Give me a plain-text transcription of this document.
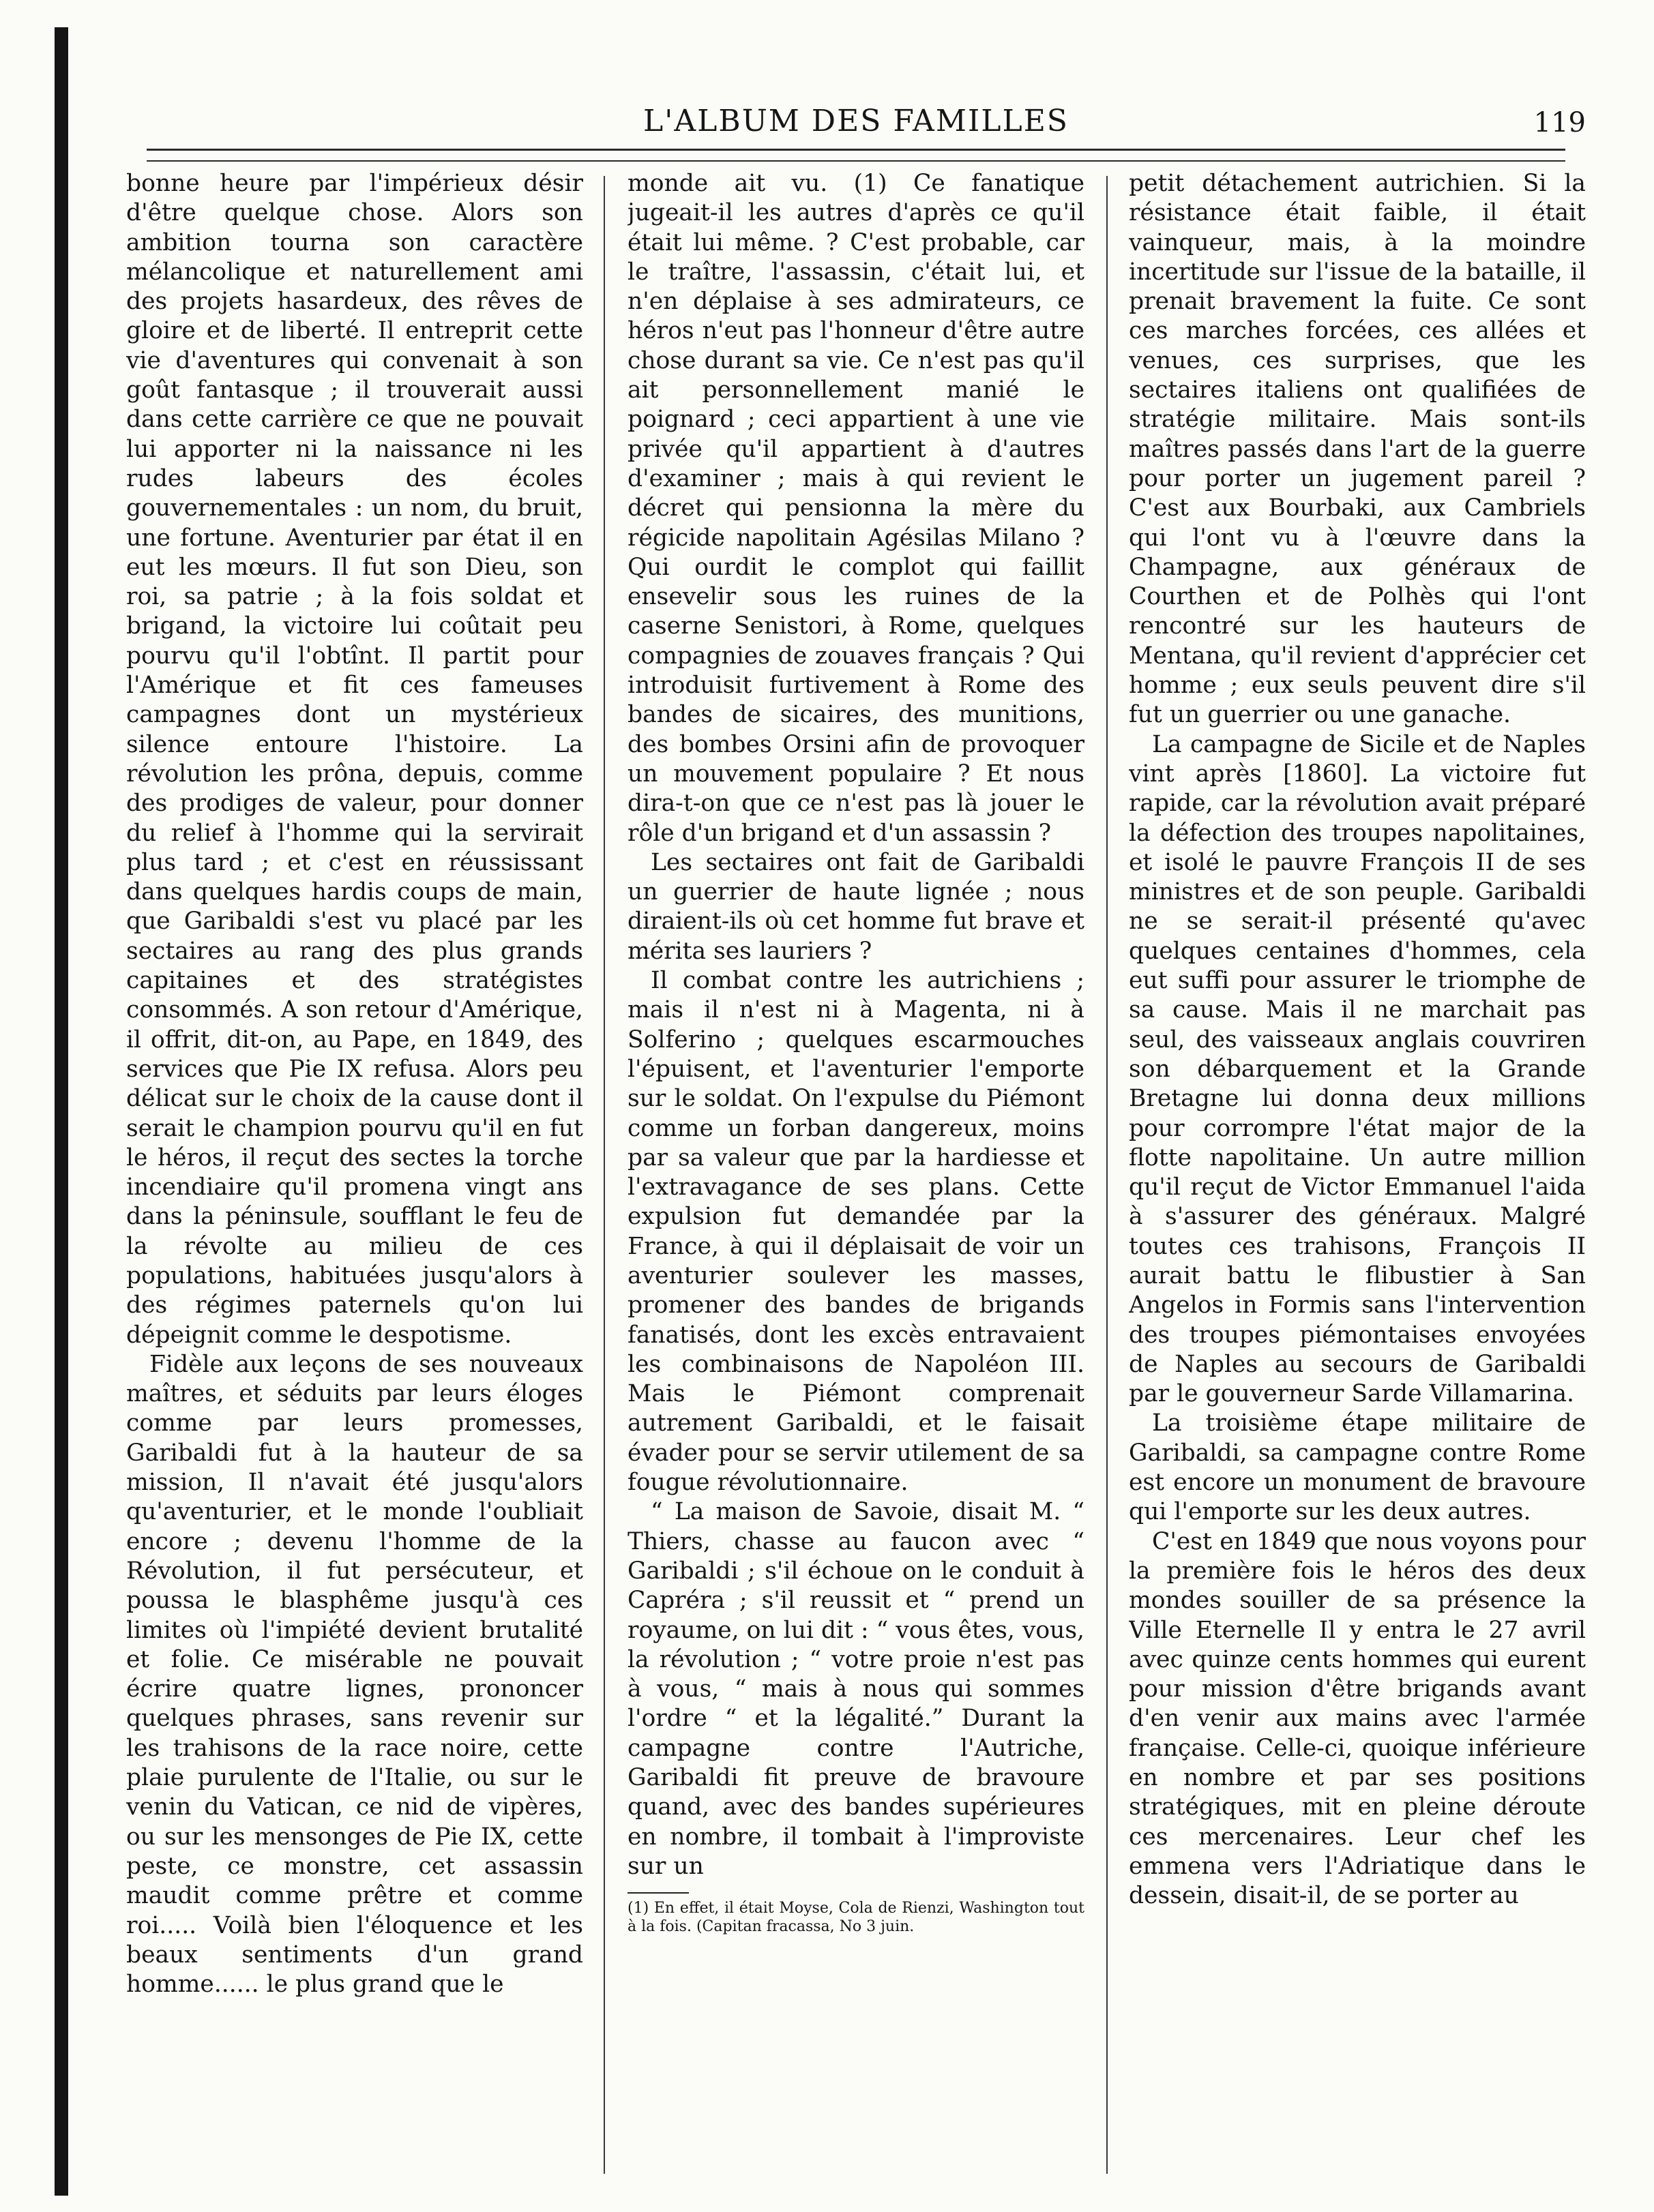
L'ALBUM DES FAMILLES	119

bonne heure par l'impérieux désir d'être quelque chose. Alors son ambition tourna son caractère mélancolique et naturellement ami des projets hasardeux, des rêves de gloire et de liberté. Il entreprit cette vie d'aventures qui convenait à son goût fantasque ; il trouverait aussi dans cette carrière ce que ne pouvait lui apporter ni la naissance ni les rudes labeurs des écoles gouvernementales : un nom, du bruit, une fortune. Aventurier par état il en eut les mœurs. Il fut son Dieu, son roi, sa patrie ; à la fois soldat et brigand, la victoire lui coûtait peu pourvu qu'il l'obtînt. Il partit pour l'Amérique et fit ces fameuses campagnes dont un mystérieux silence entoure l'histoire. La révolution les prôna, depuis, comme des prodiges de valeur, pour donner du relief à l'homme qui la servirait plus tard ; et c'est en réussissant dans quelques hardis coups de main, que Garibaldi s'est vu placé par les sectaires au rang des plus grands capitaines et des stratégistes consommés. A son retour d'Amérique, il offrit, dit-on, au Pape, en 1849, des services que Pie IX refusa. Alors peu délicat sur le choix de la cause dont il serait le champion pourvu qu'il en fut le héros, il reçut des sectes la torche incendiaire qu'il promena vingt ans dans la péninsule, soufflant le feu de la révolte au milieu de ces populations, habituées jusqu'alors à des régimes paternels qu'on lui dépeignit comme le despotisme.

Fidèle aux leçons de ses nouveaux maîtres, et séduits par leurs éloges comme par leurs promesses, Garibaldi fut à la hauteur de sa mission, Il n'avait été jusqu'alors qu'aventurier, et le monde l'oubliait encore ; devenu l'homme de la Révolution, il fut persécuteur, et poussa le blasphême jusqu'à ces limites où l'impiété devient brutalité et folie. Ce misérable ne pouvait écrire quatre lignes, prononcer quelques phrases, sans revenir sur les trahisons de la race noire, cette plaie purulente de l'Italie, ou sur le venin du Vatican, ce nid de vipères, ou sur les mensonges de Pie IX, cette peste, ce monstre, cet assassin maudit comme prêtre et comme roi..... Voilà bien l'éloquence et les beaux sentiments d'un grand homme...... le plus grand que le

monde ait vu. (1) Ce fanatique jugeait-il les autres d'après ce qu'il était lui même. ? C'est probable, car le traître, l'assassin, c'était lui, et n'en déplaise à ses admirateurs, ce héros n'eut pas l'honneur d'être autre chose durant sa vie. Ce n'est pas qu'il ait personnellement manié le poignard ; ceci appartient à une vie privée qu'il appartient à d'autres d'examiner ; mais à qui revient le décret qui pensionna la mère du régicide napolitain Agésilas Milano ? Qui ourdit le complot qui faillit ensevelir sous les ruines de la caserne Senistori, à Rome, quelques compagnies de zouaves français ? Qui introduisit furtivement à Rome des bandes de sicaires, des munitions, des bombes Orsini afin de provoquer un mouvement populaire ? Et nous dira-t-on que ce n'est pas là jouer le rôle d'un brigand et d'un assassin ?

Les sectaires ont fait de Garibaldi un guerrier de haute lignée ; nous diraient-ils où cet homme fut brave et mérita ses lauriers ?

Il combat contre les autrichiens ; mais il n'est ni à Magenta, ni à Solferino ; quelques escarmouches l'épuisent, et l'aventurier l'emporte sur le soldat. On l'expulse du Piémont comme un forban dangereux, moins par sa valeur que par la hardiesse et l'extravagance de ses plans. Cette expulsion fut demandée par la France, à qui il déplaisait de voir un aventurier soulever les masses, promener des bandes de brigands fanatisés, dont les excès entravaient les combinaisons de Napoléon III. Mais le Piémont comprenait autrement Garibaldi, et le faisait évader pour se servir utilement de sa fougue révolutionnaire.

“ La maison de Savoie, disait M. “ Thiers, chasse au faucon avec “ Garibaldi ; s'il échoue on le conduit à Capréra ; s'il reussit et “ prend un royaume, on lui dit : “ vous êtes, vous, la révolution ; “ votre proie n'est pas à vous, “ mais à nous qui sommes l'ordre “ et la légalité.” Durant la campagne contre l'Autriche, Garibaldi fit preuve de bravoure quand, avec des bandes supérieures en nombre, il tombait à l'improviste sur un

(1) En effet, il était Moyse, Cola de Rienzi, Washington tout à la fois. (Capitan fracassa, No 3 juin.

petit détachement autrichien. Si la résistance était faible, il était vainqueur, mais, à la moindre incertitude sur l'issue de la bataille, il prenait bravement la fuite. Ce sont ces marches forcées, ces allées et venues, ces surprises, que les sectaires italiens ont qualifiées de stratégie militaire. Mais sont-ils maîtres passés dans l'art de la guerre pour porter un jugement pareil ? C'est aux Bourbaki, aux Cambriels qui l'ont vu à l'œuvre dans la Champagne, aux généraux de Courthen et de Polhès qui l'ont rencontré sur les hauteurs de Mentana, qu'il revient d'apprécier cet homme ; eux seuls peuvent dire s'il fut un guerrier ou une ganache.

La campagne de Sicile et de Naples vint après [1860]. La victoire fut rapide, car la révolution avait préparé la défection des troupes napolitaines, et isolé le pauvre François II de ses ministres et de son peuple. Garibaldi ne se serait-il présenté qu'avec quelques centaines d'hommes, cela eut suffi pour assurer le triomphe de sa cause. Mais il ne marchait pas seul, des vaisseaux anglais couvriren son débarquement et la Grande Bretagne lui donna deux millions pour corrompre l'état major de la flotte napolitaine. Un autre million qu'il reçut de Victor Emmanuel l'aida à s'assurer des généraux. Malgré toutes ces trahisons, François II aurait battu le flibustier à San Angelos in Formis sans l'intervention des troupes piémontaises envoyées de Naples au secours de Garibaldi par le gouverneur Sarde Villamarina.

La troisième étape militaire de Garibaldi, sa campagne contre Rome est encore un monument de bravoure qui l'emporte sur les deux autres.

C'est en 1849 que nous voyons pour la première fois le héros des deux mondes souiller de sa présence la Ville Eternelle Il y entra le 27 avril avec quinze cents hommes qui eurent pour mission d'être brigands avant d'en venir aux mains avec l'armée française. Celle-ci, quoique inférieure en nombre et par ses positions stratégiques, mit en pleine déroute ces mercenaires. Leur chef les emmena vers l'Adriatique dans le dessein, disait-il, de se porter au
